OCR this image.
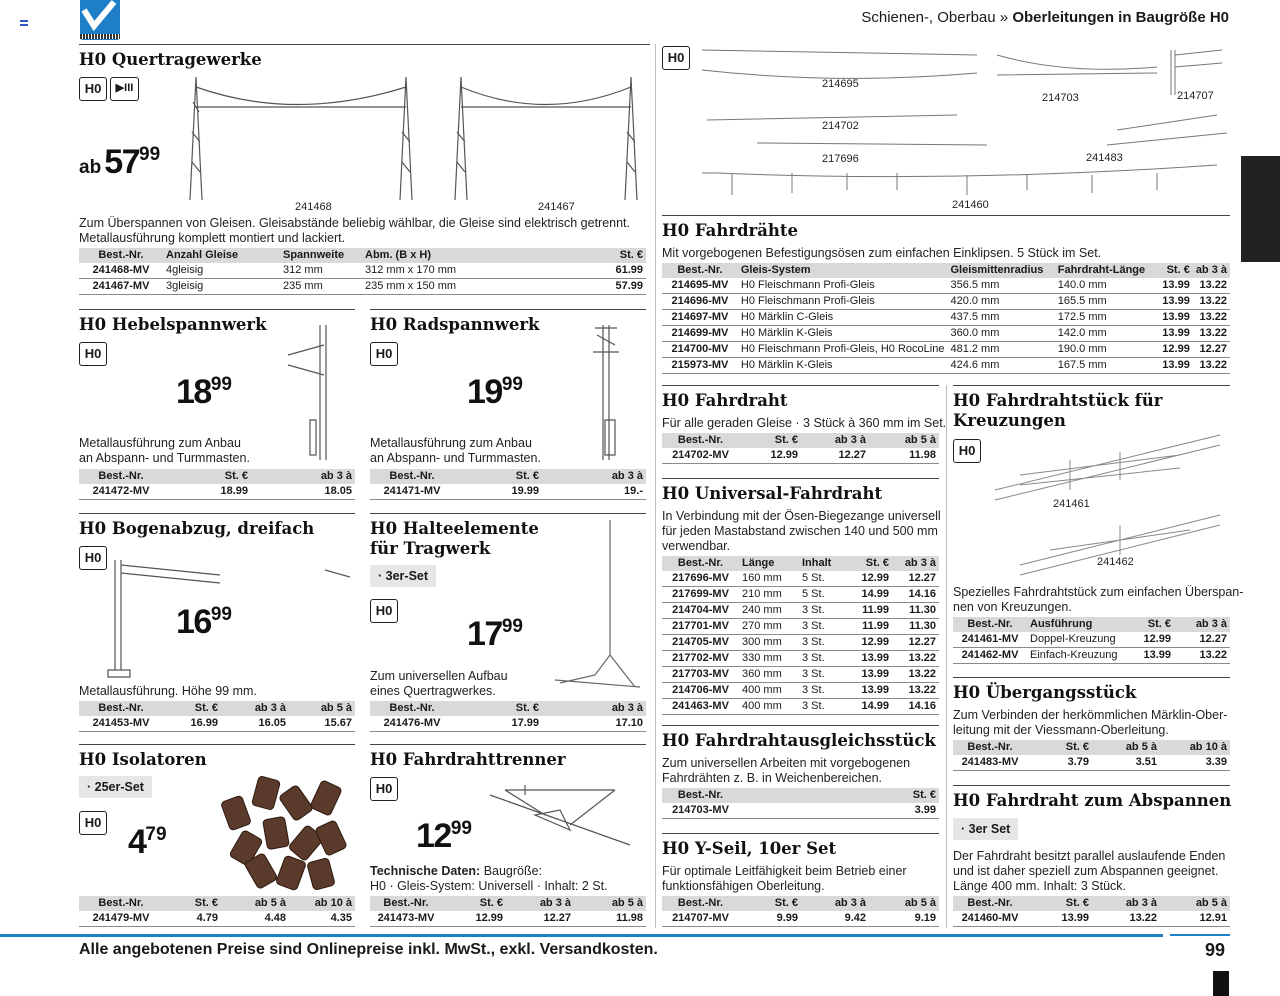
Schienen-, Oberbau » Oberleitungen in Baugröße H0
H0 Quertragewerke
H0	▶III
$ab57^{99}$
241468	241467
Zum Überspannen von Gleisen. Gleisabstände beliebig wählbar, die Gleise sind elektrisch getrennt.
Metallausführung komplett montiert und lackiert.
Best.-Nr.	Anzahl Gleise	Spannweite	Abm. (B x H)	St. €
241468-MV	4gleisig	312 mm	312 mm x 170 mm	61.99
241467-MV	3gleisig	235 mm	235 mm x 150 mm	57.99
H0 Hebelspannwerk
H0
$18^{99}$
Metallausführung zum Anbau
an Abspann- und Turmmasten.
Best.-Nr.	St. €	ab 3 à
241472-MV	18.99	18.05
H0 Radspannwerk
H0
$19^{99}$
Metallausführung zum Anbau
an Abspann- und Turmmasten.
Best.-Nr.	St. €	ab 3 à
241471-MV	19.99	19.-
H0 Bogenabzug, dreifach
H0
$16^{99}$
Metallausführung. Höhe 99 mm.
Best.-Nr.	St. €	ab 3 à	ab 5 à
241453-MV	16.99	16.05	15.67
H0 Halteelemente
für Tragwerk
· 3er-Set
H0
$17^{99}$
Zum universellen Aufbau
eines Quertragwerkes.
Best.-Nr.	St. €	ab 3 à
241476-MV	17.99	17.10
H0 Isolatoren
· 25er-Set
H0
$4^{79}$
Best.-Nr.	St. €	ab 5 à	ab 10 à
241479-MV	4.79	4.48	4.35
H0 Fahrdrahttrenner
H0
$12^{99}$
Technische Daten: Baugröße:
H0 · Gleis-System: Universell · Inhalt: 2 St.
Best.-Nr.	St. €	ab 3 à	ab 5 à
241473-MV	12.99	12.27	11.98
H0
214695
214703	214707
214702
217696	241483
241460
H0 Fahrdrähte
Mit vorgebogenen Befestigungsösen zum einfachen Einklipsen. 5 Stück im Set.
Best.-Nr.	Gleis-System	Gleismittenradius	Fahrdraht-Länge	St. €	ab 3 à
214695-MV	H0 Fleischmann Profi-Gleis	356.5 mm	140.0 mm	13.99	13.22
214696-MV	H0 Fleischmann Profi-Gleis	420.0 mm	165.5 mm	13.99	13.22
214697-MV	H0 Märklin C-Gleis	437.5 mm	172.5 mm	13.99	13.22
214699-MV	H0 Märklin K-Gleis	360.0 mm	142.0 mm	13.99	13.22
214700-MV	H0 Fleischmann Profi-Gleis, H0 RocoLine	481.2 mm	190.0 mm	12.99	12.27
215973-MV	H0 Märklin K-Gleis	424.6 mm	167.5 mm	13.99	13.22
H0 Fahrdraht
Für alle geraden Gleise · 3 Stück à 360 mm im Set.
Best.-Nr.	St. €	ab 3 à	ab 5 à
214702-MV	12.99	12.27	11.98
H0 Universal-Fahrdraht
In Verbindung mit der Ösen-Biegezange universell
für jeden Mastabstand zwischen 140 und 500 mm
verwendbar.
Best.-Nr.	Länge	Inhalt	St. €	ab 3 à
217696-MV	160 mm	5 St.	12.99	12.27
217699-MV	210 mm	5 St.	14.99	14.16
214704-MV	240 mm	3 St.	11.99	11.30
217701-MV	270 mm	3 St.	11.99	11.30
214705-MV	300 mm	3 St.	12.99	12.27
217702-MV	330 mm	3 St.	13.99	13.22
217703-MV	360 mm	3 St.	13.99	13.22
214706-MV	400 mm	3 St.	13.99	13.22
241463-MV	400 mm	3 St.	14.99	14.16
H0 Fahrdrahtausgleichsstück
Zum universellen Arbeiten mit vorgebogenen
Fahrdrähten z. B. in Weichenbereichen.
Best.-Nr.	St. €
214703-MV	3.99
H0 Y-Seil, 10er Set
Für optimale Leitfähigkeit beim Betrieb einer
funktionsfähigen Oberleitung.
Best.-Nr.	St. €	ab 3 à	ab 5 à
214707-MV	9.99	9.42	9.19
H0 Fahrdrahtstück für
Kreuzungen
H0
241461
241462
Spezielles Fahrdrahtstück zum einfachen Überspan-
nen von Kreuzungen.
Best.-Nr.	Ausführung	St. €	ab 3 à
241461-MV	Doppel-Kreuzung	12.99	12.27
241462-MV	Einfach-Kreuzung	13.99	13.22
H0 Übergangsstück
Zum Verbinden der herkömmlichen Märklin-Ober-
leitung mit der Viessmann-Oberleitung.
Best.-Nr.	St. €	ab 5 à	ab 10 à
241483-MV	3.79	3.51	3.39
H0 Fahrdraht zum Abspannen
· 3er Set
Der Fahrdraht besitzt parallel auslaufende Enden
und ist daher speziell zum Abspannen geeignet.
Länge 400 mm. Inhalt: 3 Stück.
Best.-Nr.	St. €	ab 3 à	ab 5 à
241460-MV	13.99	13.22	12.91
Alle angebotenen Preise sind Onlinepreise inkl. MwSt., exkl. Versandkosten.	99
